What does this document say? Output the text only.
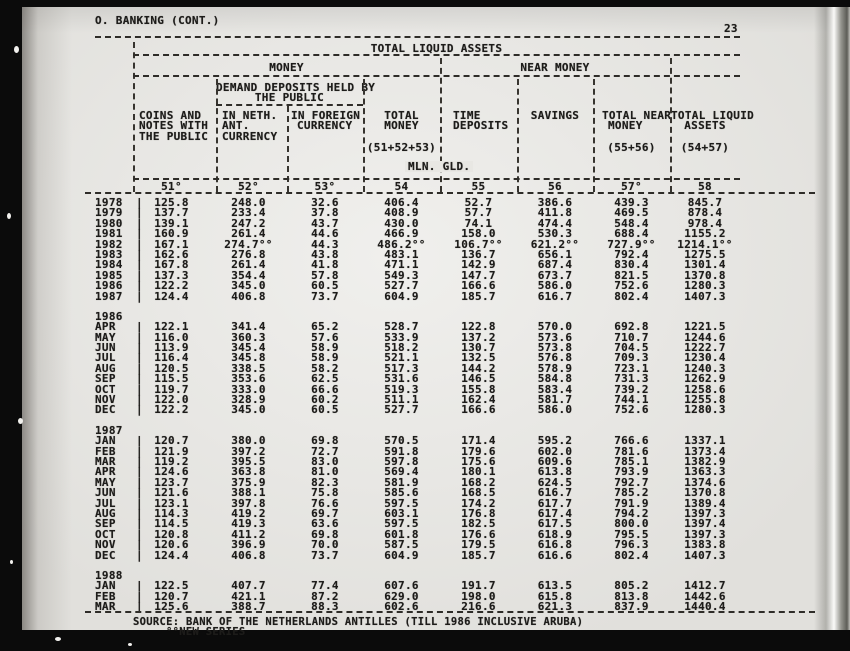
O. BANKING (CONT.)
23
TOTAL LIQUID ASSETS
MONEY	NEAR MONEY
DEMAND DEPOSITS HELD BY
THE PUBLIC
MLN. GLD.
COINS AND
NOTES WITH
THE PUBLIC
51°
IN NETH.
ANT.
CURRENCY
52°
IN FOREIGN
CURRENCY
53°
TOTAL
MONEY
(51+52+53)
54
TIME
DEPOSITS
55
SAVINGS
56
TOTAL NEAR
MONEY
(55+56)
57°
TOTAL LIQUID
ASSETS
(54+57)
58
1978 |	125.8	248.0	32.6	406.4	52.7	386.6	439.3	845.7
1979 |	137.7	233.4	37.8	408.9	57.7	411.8	469.5	878.4
1980 |	139.1	247.2	43.7	430.0	74.1	474.4	548.4	978.4
1981 |	160.9	261.4	44.6	466.9	158.0	530.3	688.4	1155.2
1982 |	167.1	274.7°°	44.3	486.2°°	106.7°°	621.2°°	727.9°°	1214.1°°
1983 |	162.6	276.8	43.8	483.1	136.7	656.1	792.4	1275.5
1984 |	167.8	261.4	41.8	471.1	142.9	687.4	830.4	1301.4
1985 |	137.3	354.4	57.8	549.3	147.7	673.7	821.5	1370.8
1986 |	122.2	345.0	60.5	527.7	166.6	586.0	752.6	1280.3
1987 |	124.4	406.8	73.7	604.9	185.7	616.7	802.4	1407.3
1986
APR |	122.1	341.4	65.2	528.7	122.8	570.0	692.8	1221.5
MAY |	116.0	360.3	57.6	533.9	137.2	573.6	710.7	1244.6
JUN |	113.9	345.4	58.9	518.2	130.7	573.8	704.5	1222.7
JUL |	116.4	345.8	58.9	521.1	132.5	576.8	709.3	1230.4
AUG |	120.5	338.5	58.2	517.3	144.2	578.9	723.1	1240.3
SEP |	115.5	353.6	62.5	531.6	146.5	584.8	731.3	1262.9
OCT |	119.7	333.0	66.6	519.3	155.8	583.4	739.2	1258.6
NOV |	122.0	328.9	60.2	511.1	162.4	581.7	744.1	1255.8
DEC |	122.2	345.0	60.5	527.7	166.6	586.0	752.6	1280.3
1987
JAN |	120.7	380.0	69.8	570.5	171.4	595.2	766.6	1337.1
FEB |	121.9	397.2	72.7	591.8	179.6	602.0	781.6	1373.4
MAR |	119.2	395.5	83.0	597.8	175.6	609.6	785.1	1382.9
APR |	124.6	363.8	81.0	569.4	180.1	613.8	793.9	1363.3
MAY |	123.7	375.9	82.3	581.9	168.2	624.5	792.7	1374.6
JUN |	121.6	388.1	75.8	585.6	168.5	616.7	785.2	1370.8
JUL |	123.1	397.8	76.6	597.5	174.2	617.7	791.9	1389.4
AUG |	114.3	419.2	69.7	603.1	176.8	617.4	794.2	1397.3
SEP |	114.5	419.3	63.6	597.5	182.5	617.5	800.0	1397.4
OCT |	120.8	411.2	69.8	601.8	176.6	618.9	795.5	1397.3
NOV |	120.6	396.9	70.0	587.5	179.5	616.8	796.3	1383.8
DEC |	124.4	406.8	73.7	604.9	185.7	616.6	802.4	1407.3
1988
JAN |	122.5	407.7	77.4	607.6	191.7	613.5	805.2	1412.7
FEB |	120.7	421.1	87.2	629.0	198.0	615.8	813.8	1442.6
MAR |	125.6	388.7	88.3	602.6	216.6	621.3	837.9	1440.4
SOURCE: BANK OF THE NETHERLANDS ANTILLES (TILL 1986 INCLUSIVE ARUBA)
°°NEW SERIES
